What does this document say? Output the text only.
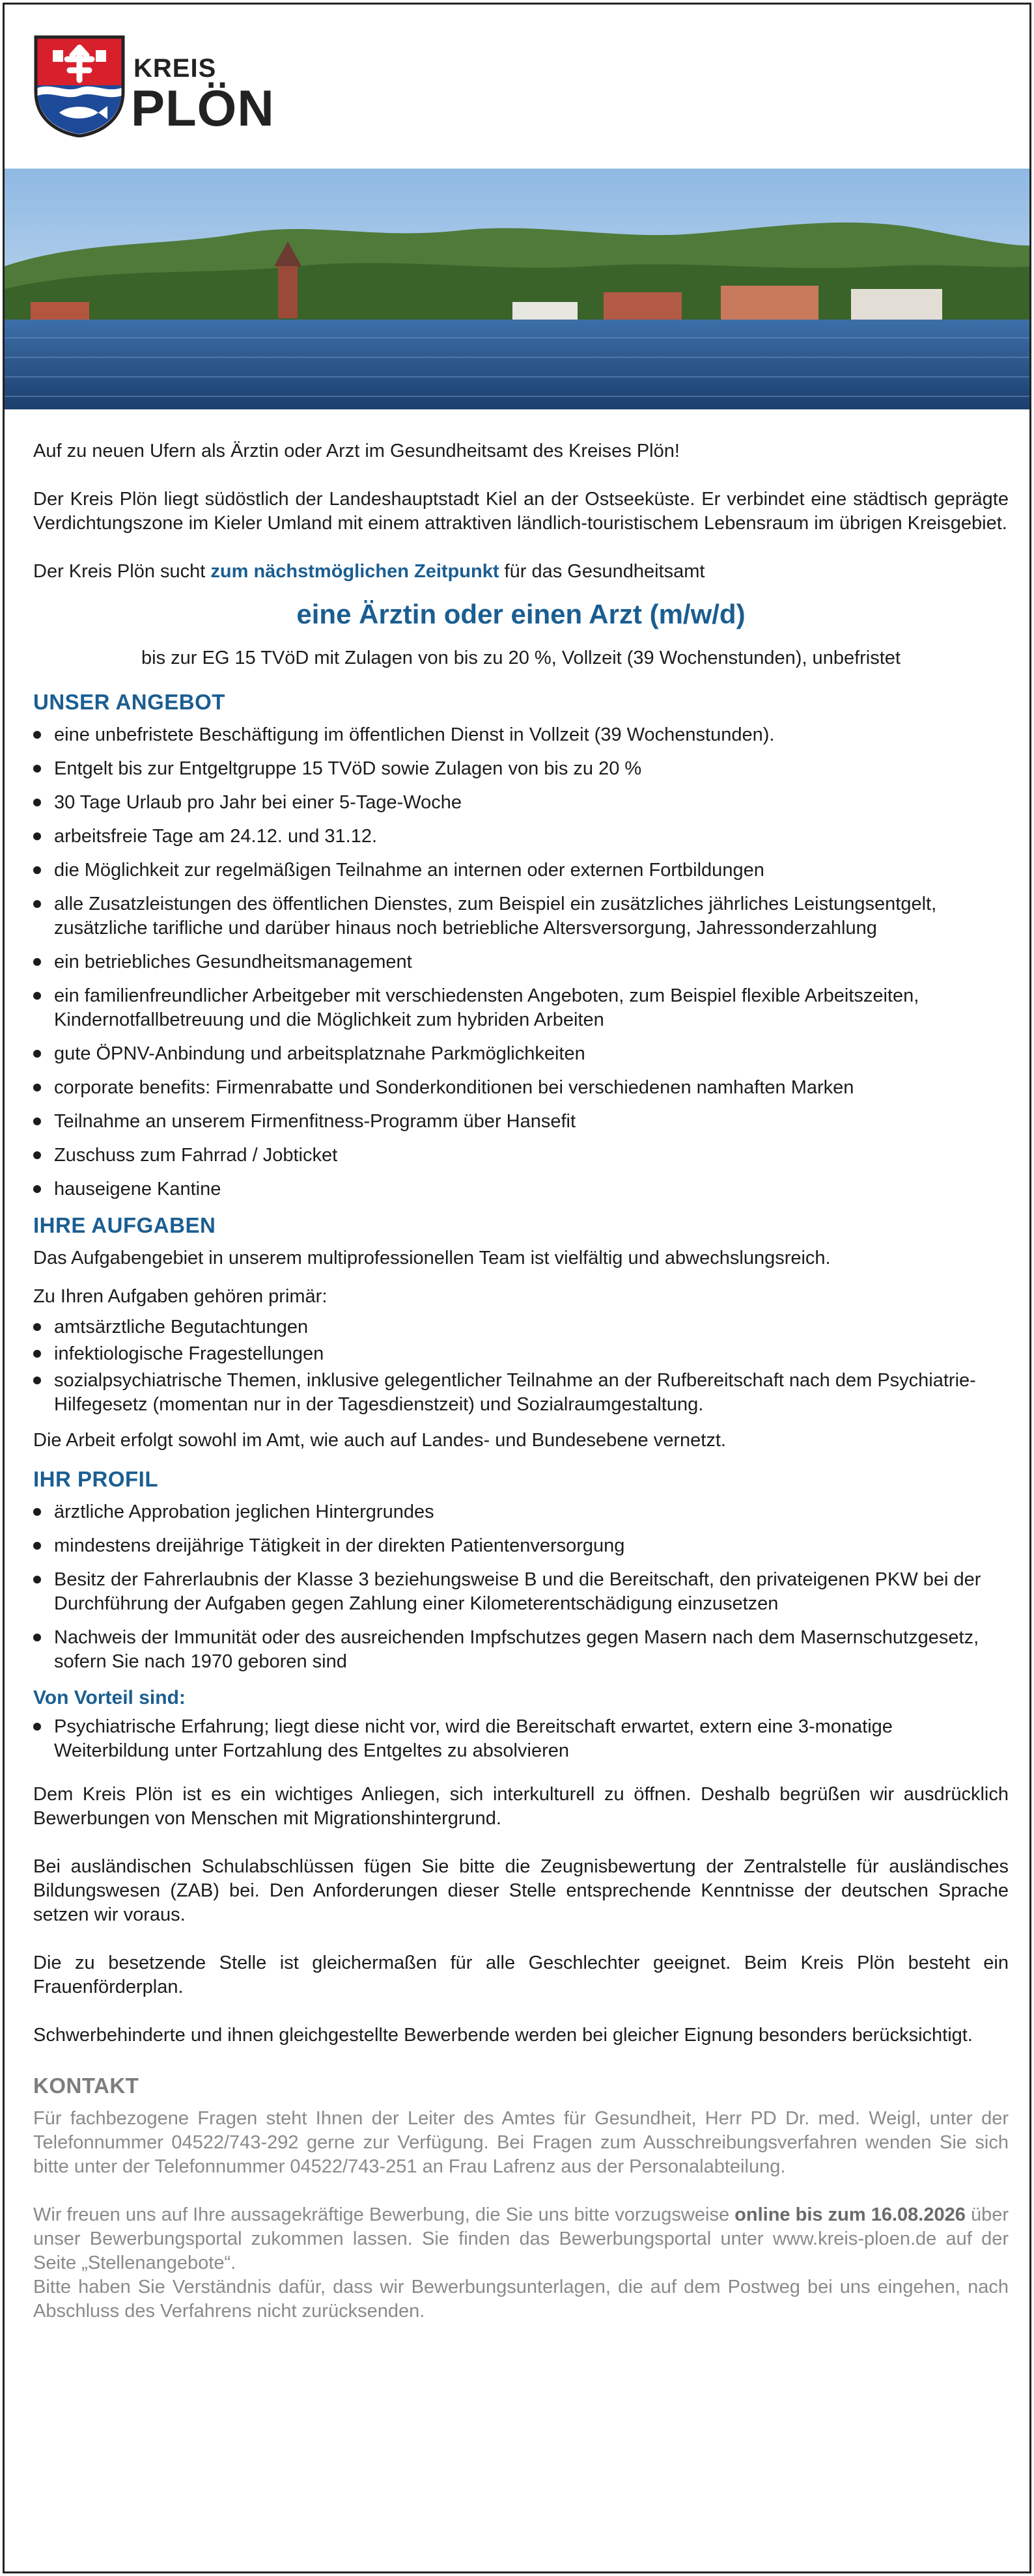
KREIS
PLÖN

Auf zu neuen Ufern als Ärztin oder Arzt im Gesundheitsamt des Kreises Plön!

Der Kreis Plön liegt südöstlich der Landeshauptstadt Kiel an der Ostseeküste. Er verbindet eine städtisch geprägte Verdichtungszone im Kieler Umland mit einem attraktiven ländlich-touristischem Lebensraum im übrigen Kreisgebiet.

Der Kreis Plön sucht zum nächstmöglichen Zeitpunkt für das Gesundheitsamt

eine Ärztin oder einen Arzt (m/w/d)
bis zur EG 15 TVöD mit Zulagen von bis zu 20 %, Vollzeit (39 Wochenstunden), unbefristet
UNSER ANGEBOT
eine unbefristete Beschäftigung im öffentlichen Dienst in Vollzeit (39 Wochenstunden).
Entgelt bis zur Entgeltgruppe 15 TVöD sowie Zulagen von bis zu 20 %
30 Tage Urlaub pro Jahr bei einer 5-Tage-Woche
arbeitsfreie Tage am 24.12. und 31.12.
die Möglichkeit zur regelmäßigen Teilnahme an internen oder externen Fortbildungen
alle Zusatzleistungen des öffentlichen Dienstes, zum Beispiel ein zusätzliches jährliches Leistungsentgelt, zusätzliche tarifliche und darüber hinaus noch betriebliche Altersversorgung, Jahressonderzahlung
ein betriebliches Gesundheitsmanagement
ein familienfreundlicher Arbeitgeber mit verschiedensten Angeboten, zum Beispiel flexible Arbeitszeiten, Kindernotfallbetreuung und die Möglichkeit zum hybriden Arbeiten
gute ÖPNV-Anbindung und arbeitsplatznahe Parkmöglichkeiten
corporate benefits: Firmenrabatte und Sonderkonditionen bei verschiedenen namhaften Marken
Teilnahme an unserem Firmenfitness-Programm über Hansefit
Zuschuss zum Fahrrad / Jobticket
hauseigene Kantine
IHRE AUFGABEN

Das Aufgabengebiet in unserem multiprofessionellen Team ist vielfältig und abwechslungsreich.

Zu Ihren Aufgaben gehören primär:

amtsärztliche Begutachtungen
infektiologische Fragestellungen
sozialpsychiatrische Themen, inklusive gelegentlicher Teilnahme an der Rufbereitschaft nach dem Psychiatrie-Hilfegesetz (momentan nur in der Tagesdienstzeit) und Sozialraumgestaltung.

Die Arbeit erfolgt sowohl im Amt, wie auch auf Landes- und Bundesebene vernetzt.

IHR PROFIL
ärztliche Approbation jeglichen Hintergrundes
mindestens dreijährige Tätigkeit in der direkten Patientenversorgung
Besitz der Fahrerlaubnis der Klasse 3 beziehungsweise B und die Bereitschaft, den privateigenen PKW bei der Durchführung der Aufgaben gegen Zahlung einer Kilometerentschädigung einzusetzen
Nachweis der Immunität oder des ausreichenden Impfschutzes gegen Masern nach dem Masernschutzgesetz, sofern Sie nach 1970 geboren sind
Von Vorteil sind:
Psychiatrische Erfahrung; liegt diese nicht vor, wird die Bereitschaft erwartet, extern eine 3-monatige Weiterbildung unter Fortzahlung des Entgeltes zu absolvieren

Dem Kreis Plön ist es ein wichtiges Anliegen, sich interkulturell zu öffnen. Deshalb begrüßen wir ausdrücklich Bewerbungen von Menschen mit Migrationshintergrund.

Bei ausländischen Schulabschlüssen fügen Sie bitte die Zeugnisbewertung der Zentralstelle für ausländisches Bildungswesen (ZAB) bei. Den Anforderungen dieser Stelle entsprechende Kenntnisse der deutschen Sprache setzen wir voraus.

Die zu besetzende Stelle ist gleichermaßen für alle Geschlechter geeignet. Beim Kreis Plön besteht ein Frauenförderplan.

Schwerbehinderte und ihnen gleichgestellte Bewerbende werden bei gleicher Eignung besonders berücksichtigt.

KONTAKT

Für fachbezogene Fragen steht Ihnen der Leiter des Amtes für Gesundheit, Herr PD Dr. med. Weigl, unter der Telefonnummer 04522/743-292 gerne zur Verfügung. Bei Fragen zum Ausschreibungsverfahren wenden Sie sich bitte unter der Telefonnummer 04522/743-251 an Frau Lafrenz aus der Personalabteilung.

Wir freuen uns auf Ihre aussagekräftige Bewerbung, die Sie uns bitte vorzugsweise online bis zum 16.08.2026 über unser Bewerbungsportal zukommen lassen. Sie finden das Bewerbungsportal unter www.kreis-ploen.de auf der Seite „Stellenangebote“.
Bitte haben Sie Verständnis dafür, dass wir Bewerbungsunterlagen, die auf dem Postweg bei uns eingehen, nach Abschluss des Verfahrens nicht zurücksenden.
